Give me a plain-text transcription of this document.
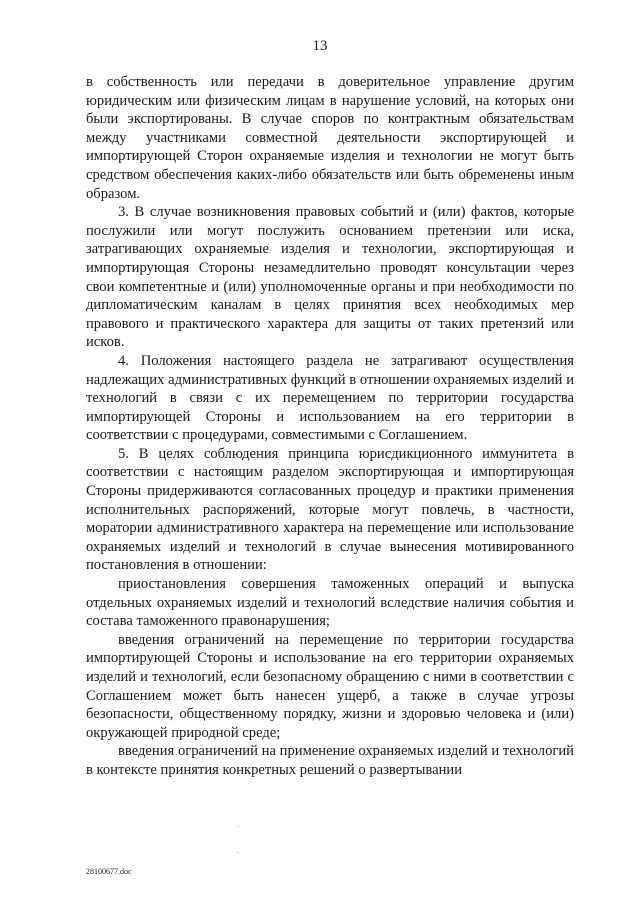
13

в собственность или передачи в доверительное управление другим юридическим или физическим лицам в нарушение условий, на которых они были экспортированы. В случае споров по контрактным обязательствам между участниками совместной деятельности экспортирующей и импортирующей Сторон охраняемые изделия и технологии не могут быть средством обеспечения каких-либо обязательств или быть обременены иным образом.

3. В случае возникновения правовых событий и (или) фактов, которые послужили или могут послужить основанием претензии или иска, затрагивающих охраняемые изделия и технологии, экспортирующая и импортирующая Стороны незамедлительно проводят консультации через свои компетентные и (или) уполномоченные органы и при необходимости по дипломатическим каналам в целях принятия всех необходимых мер правового и практического характера для защиты от таких претензий или исков.

4. Положения настоящего раздела не затрагивают осуществления надлежащих административных функций в отношении охраняемых изделий и технологий в связи с их перемещением по территории государства импортирующей Стороны и использованием на его территории в соответствии с процедурами, совместимыми с Соглашением.

5. В целях соблюдения принципа юрисдикционного иммунитета в соответствии с настоящим разделом экспортирующая и импортирующая Стороны придерживаются согласованных процедур и практики применения исполнительных распоряжений, которые могут повлечь, в частности, моратории административного характера на перемещение или использование охраняемых изделий и технологий в случае вынесения мотивированного постановления в отношении:

приостановления совершения таможенных операций и выпуска отдельных охраняемых изделий и технологий вследствие наличия события и состава таможенного правонарушения;

введения ограничений на перемещение по территории государства импортирующей Стороны и использование на его территории охраняемых изделий и технологий, если безопасному обращению с ними в соответствии с Соглашением может быть нанесен ущерб, а также в случае угрозы безопасности, общественному порядку, жизни и здоровью человека и (или) окружающей природной среде;

введения ограничений на применение охраняемых изделий и технологий в контексте принятия конкретных решений о развертывании

28100677.doc
